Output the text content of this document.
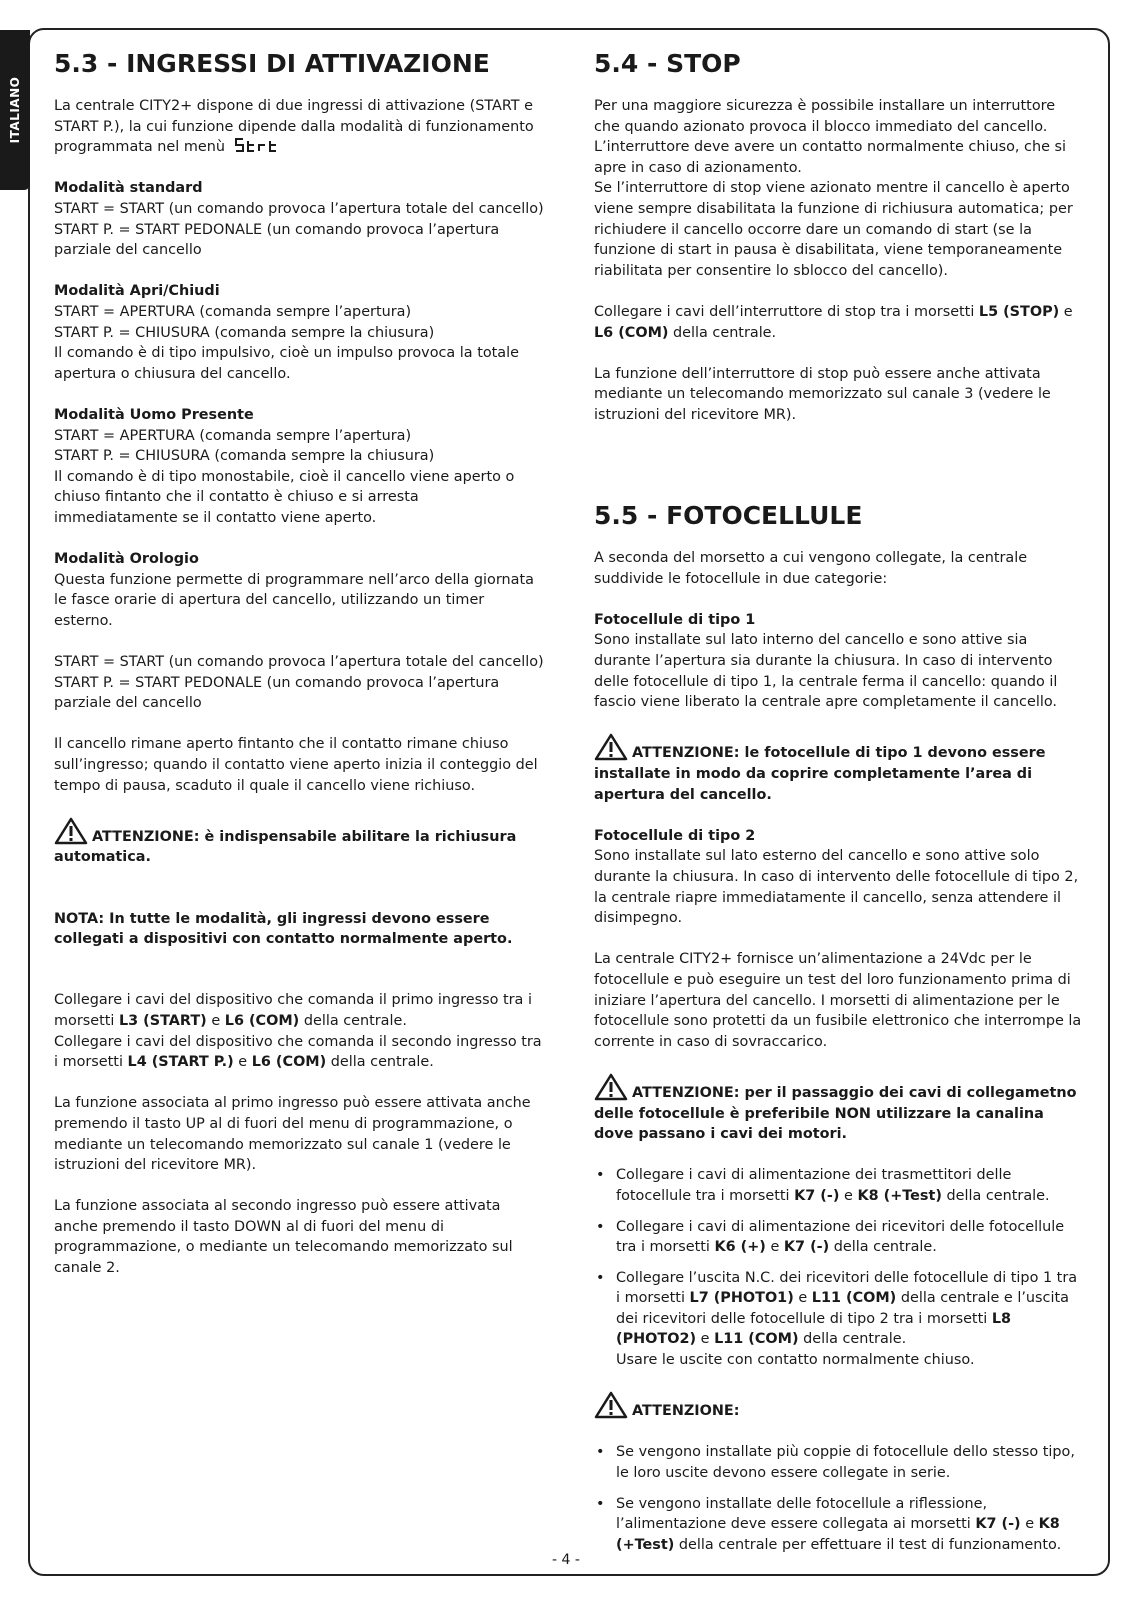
ITALIANO
5.3 - INGRESSI DI ATTIVAZIONE

La centrale CITY2+ dispone di due ingressi di attivazione (START e START P.), la cui funzione dipende dalla modalità di funzionamento programmata nel menù

Modalità standard
START = START (un comando provoca l’apertura totale del cancello)
START P. = START PEDONALE (un comando provoca l’apertura parziale del cancello

Modalità Apri/Chiudi
START = APERTURA (comanda sempre l’apertura)
START P. = CHIUSURA (comanda sempre la chiusura)
Il comando è di tipo impulsivo, cioè un impulso provoca la totale apertura o chiusura del cancello.

Modalità Uomo Presente
START = APERTURA (comanda sempre l’apertura)
START P. = CHIUSURA (comanda sempre la chiusura)
Il comando è di tipo monostabile, cioè il cancello viene aperto o chiuso fintanto che il contatto è chiuso e si arresta immediatamente se il contatto viene aperto.

Modalità Orologio
Questa funzione permette di programmare nell’arco della giornata le fasce orarie di apertura del cancello, utilizzando un timer esterno.

START = START (un comando provoca l’apertura totale del cancello)
START P. = START PEDONALE (un comando provoca l’apertura parziale del cancello

Il cancello rimane aperto fintanto che il contatto rimane chiuso sull’ingresso; quando il contatto viene aperto inizia il conteggio del tempo di pausa, scaduto il quale il cancello viene richiuso.

ATTENZIONE: è indispensabile abilitare la richiusura automatica.

NOTA: In tutte le modalità, gli ingressi devono essere collegati a dispositivi con contatto normalmente aperto.

Collegare i cavi del dispositivo che comanda il primo ingresso tra i morsetti L3 (START) e L6 (COM) della centrale.
Collegare i cavi del dispositivo che comanda il secondo ingresso tra i morsetti L4 (START P.) e L6 (COM) della centrale.

La funzione associata al primo ingresso può essere attivata anche premendo il tasto UP al di fuori del menu di programmazione, o mediante un telecomando memorizzato sul canale 1 (vedere le istruzioni del ricevitore MR).

La funzione associata al secondo ingresso può essere attivata anche premendo il tasto DOWN al di fuori del menu di programmazione, o mediante un telecomando memorizzato sul canale 2.

5.4 - STOP

Per una maggiore sicurezza è possibile installare un interruttore che quando azionato provoca il blocco immediato del cancello. L’interruttore deve avere un contatto normalmente chiuso, che si apre in caso di azionamento.
Se l’interruttore di stop viene azionato mentre il cancello è aperto viene sempre disabilitata la funzione di richiusura automatica; per richiudere il cancello occorre dare un comando di start (se la funzione di start in pausa è disabilitata, viene temporaneamente riabilitata per consentire lo sblocco del cancello).

Collegare i cavi dell’interruttore di stop tra i morsetti L5 (STOP) e L6 (COM) della centrale.

La funzione dell’interruttore di stop può essere anche attivata mediante un telecomando memorizzato sul canale 3 (vedere le istruzioni del ricevitore MR).

5.5 - FOTOCELLULE

A seconda del morsetto a cui vengono collegate, la centrale suddivide le fotocellule in due categorie:

Fotocellule di tipo 1
Sono installate sul lato interno del cancello e sono attive sia durante l’apertura sia durante la chiusura. In caso di intervento delle fotocellule di tipo 1, la centrale ferma il cancello: quando il fascio viene liberato la centrale apre completamente il cancello.

ATTENZIONE: le fotocellule di tipo 1 devono essere installate in modo da coprire completamente l’area di apertura del cancello.

Fotocellule di tipo 2
Sono installate sul lato esterno del cancello e sono attive solo durante la chiusura. In caso di intervento delle fotocellule di tipo 2, la centrale riapre immediatamente il cancello, senza attendere il disimpegno.

La centrale CITY2+ fornisce un’alimentazione a 24Vdc per le fotocellule e può eseguire un test del loro funzionamento prima di iniziare l’apertura del cancello. I morsetti di alimentazione per le fotocellule sono protetti da un fusibile elettronico che interrompe la corrente in caso di sovraccarico.

ATTENZIONE: per il passaggio dei cavi di collegametno delle fotocellule è preferibile NON utilizzare la canalina dove passano i cavi dei motori.
• Collegare i cavi di alimentazione dei trasmettitori delle fotocellule tra i morsetti K7 (-) e K8 (+Test) della centrale.
• Collegare i cavi di alimentazione dei ricevitori delle fotocellule tra i morsetti K6 (+) e K7 (-) della centrale.
• Collegare l’uscita N.C. dei ricevitori delle fotocellule di tipo 1 tra i morsetti L7 (PHOTO1) e L11 (COM) della centrale e l’uscita dei ricevitori delle fotocellule di tipo 2 tra i morsetti L8 (PHOTO2) e L11 (COM) della centrale.
Usare le uscite con contatto normalmente chiuso.
ATTENZIONE:
• Se vengono installate più coppie di fotocellule dello stesso tipo, le loro uscite devono essere collegate in serie.
• Se vengono installate delle fotocellule a riflessione, l’alimentazione deve essere collegata ai morsetti K7 (-) e K8 (+Test) della centrale per effettuare il test di funzionamento.
- 4 -
